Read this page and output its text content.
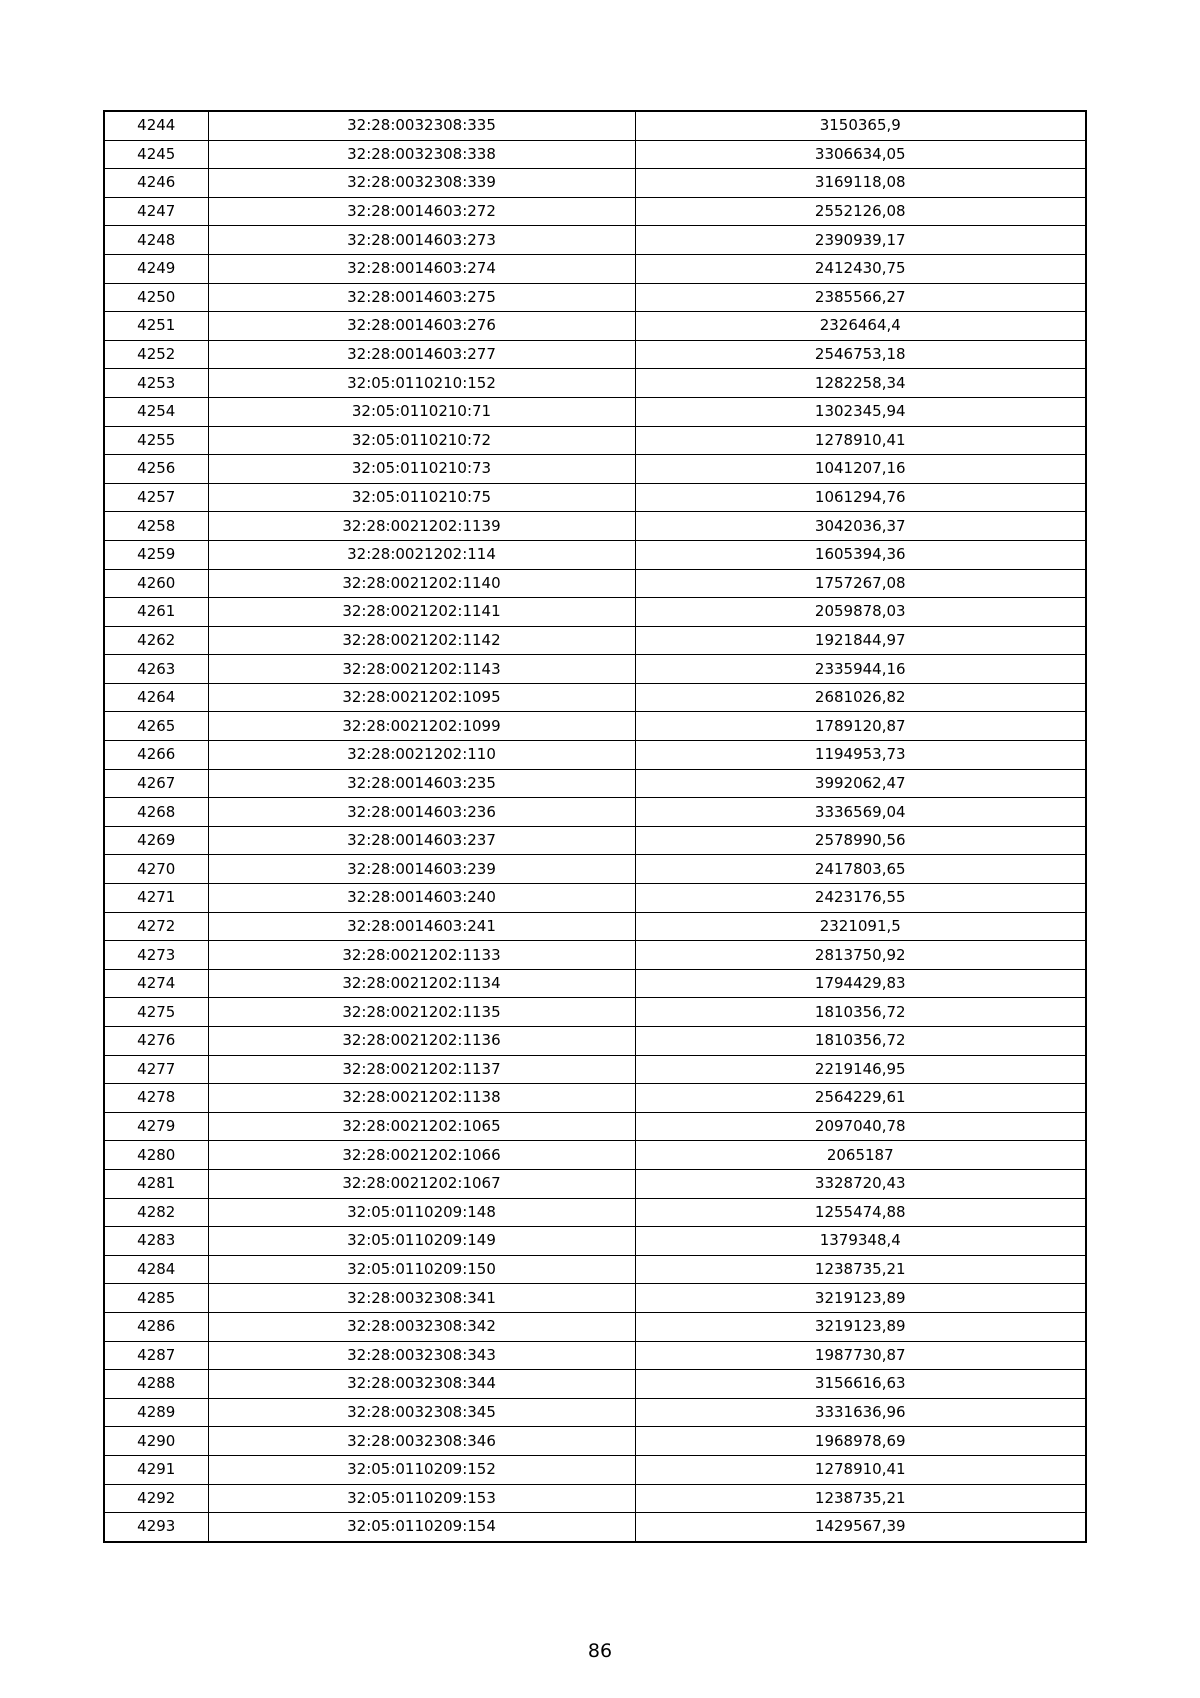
4244	32:28:0032308:335	3150365,9
4245	32:28:0032308:338	3306634,05
4246	32:28:0032308:339	3169118,08
4247	32:28:0014603:272	2552126,08
4248	32:28:0014603:273	2390939,17
4249	32:28:0014603:274	2412430,75
4250	32:28:0014603:275	2385566,27
4251	32:28:0014603:276	2326464,4
4252	32:28:0014603:277	2546753,18
4253	32:05:0110210:152	1282258,34
4254	32:05:0110210:71	1302345,94
4255	32:05:0110210:72	1278910,41
4256	32:05:0110210:73	1041207,16
4257	32:05:0110210:75	1061294,76
4258	32:28:0021202:1139	3042036,37
4259	32:28:0021202:114	1605394,36
4260	32:28:0021202:1140	1757267,08
4261	32:28:0021202:1141	2059878,03
4262	32:28:0021202:1142	1921844,97
4263	32:28:0021202:1143	2335944,16
4264	32:28:0021202:1095	2681026,82
4265	32:28:0021202:1099	1789120,87
4266	32:28:0021202:110	1194953,73
4267	32:28:0014603:235	3992062,47
4268	32:28:0014603:236	3336569,04
4269	32:28:0014603:237	2578990,56
4270	32:28:0014603:239	2417803,65
4271	32:28:0014603:240	2423176,55
4272	32:28:0014603:241	2321091,5
4273	32:28:0021202:1133	2813750,92
4274	32:28:0021202:1134	1794429,83
4275	32:28:0021202:1135	1810356,72
4276	32:28:0021202:1136	1810356,72
4277	32:28:0021202:1137	2219146,95
4278	32:28:0021202:1138	2564229,61
4279	32:28:0021202:1065	2097040,78
4280	32:28:0021202:1066	2065187
4281	32:28:0021202:1067	3328720,43
4282	32:05:0110209:148	1255474,88
4283	32:05:0110209:149	1379348,4
4284	32:05:0110209:150	1238735,21
4285	32:28:0032308:341	3219123,89
4286	32:28:0032308:342	3219123,89
4287	32:28:0032308:343	1987730,87
4288	32:28:0032308:344	3156616,63
4289	32:28:0032308:345	3331636,96
4290	32:28:0032308:346	1968978,69
4291	32:05:0110209:152	1278910,41
4292	32:05:0110209:153	1238735,21
4293	32:05:0110209:154	1429567,39
86
